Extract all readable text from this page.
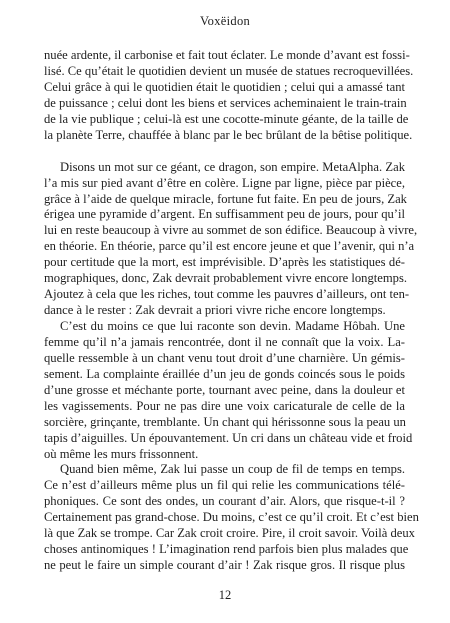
Voxëidon
nuée ardente, il carbonise et fait tout éclater. Le monde d’avant est fossi-
lisé. Ce qu’était le quotidien devient un musée de statues recroquevillées.
Celui grâce à qui le quotidien était le quotidien ; celui qui a amassé tant
de puissance ; celui dont les biens et services acheminaient le train-train
de la vie publique ; celui-là est une cocotte-minute géante, de la taille de
la planète Terre, chauffée à blanc par le bec brûlant de la bêtise politique.
Disons un mot sur ce géant, ce dragon, son empire. MetaAlpha. Zak
l’a mis sur pied avant d’être en colère. Ligne par ligne, pièce par pièce,
grâce à l’aide de quelque miracle, fortune fut faite. En peu de jours, Zak
érigea une pyramide d’argent. En suffisamment peu de jours, pour qu’il
lui en reste beaucoup à vivre au sommet de son édifice. Beaucoup à vivre,
en théorie. En théorie, parce qu’il est encore jeune et que l’avenir, qui n’a
pour certitude que la mort, est imprévisible. D’après les statistiques dé-
mographiques, donc, Zak devrait probablement vivre encore longtemps.
Ajoutez à cela que les riches, tout comme les pauvres d’ailleurs, ont ten-
dance à le rester : Zak devrait a priori vivre riche encore longtemps.
C’est du moins ce que lui raconte son devin. Madame Hôbah. Une
femme qu’il n’a jamais rencontrée, dont il ne connaît que la voix. La-
quelle ressemble à un chant venu tout droit d’une charnière. Un gémis-
sement. La complainte éraillée d’un jeu de gonds coincés sous le poids
d’une grosse et méchante porte, tournant avec peine, dans la douleur et
les vagissements. Pour ne pas dire une voix caricaturale de celle de la
sorcière, grinçante, tremblante. Un chant qui hérissonne sous la peau un
tapis d’aiguilles. Un épouvantement. Un cri dans un château vide et froid
où même les murs frissonnent.
Quand bien même, Zak lui passe un coup de fil de temps en temps.
Ce n’est d’ailleurs même plus un fil qui relie les communications télé-
phoniques. Ce sont des ondes, un courant d’air. Alors, que risque-t-il ?
Certainement pas grand-chose. Du moins, c’est ce qu’il croit. Et c’est bien
là que Zak se trompe. Car Zak croit croire. Pire, il croit savoir. Voilà deux
choses antinomiques ! L’imagination rend parfois bien plus malades que
ne peut le faire un simple courant d’air ! Zak risque gros. Il risque plus
12
